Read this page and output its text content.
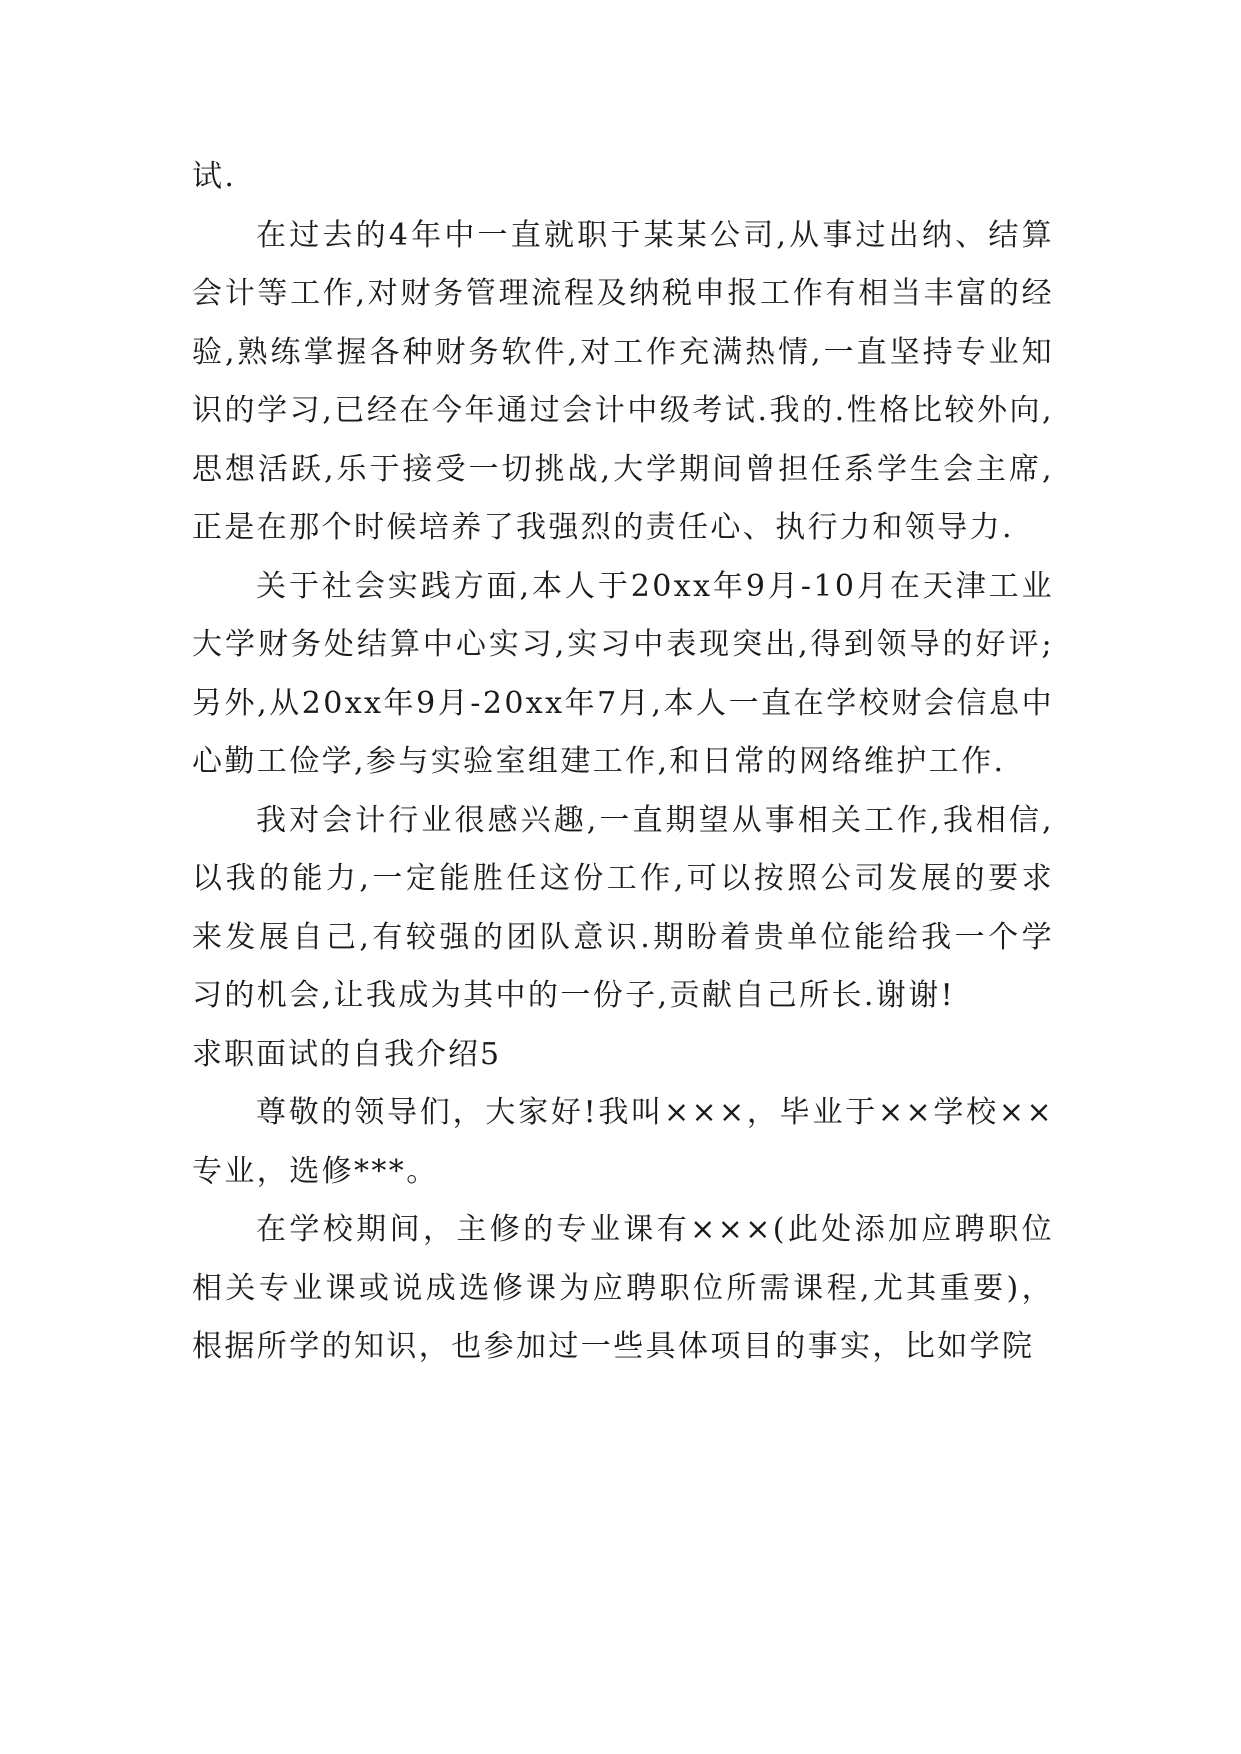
试.

在过去的4年中一直就职于某某公司,从事过出纳、结算会计等工作,对财务管理流程及纳税申报工作有相当丰富的经验,熟练掌握各种财务软件,对工作充满热情,一直坚持专业知识的学习,已经在今年通过会计中级考试.我的.性格比较外向,思想活跃,乐于接受一切挑战,大学期间曾担任系学生会主席,正是在那个时候培养了我强烈的责任心、执行力和领导力.

关于社会实践方面,本人于20xx年9月-10月在天津工业大学财务处结算中心实习,实习中表现突出,得到领导的好评;另外,从20xx年9月-20xx年7月,本人一直在学校财会信息中心勤工俭学,参与实验室组建工作,和日常的网络维护工作.

我对会计行业很感兴趣,一直期望从事相关工作,我相信,以我的能力,一定能胜任这份工作,可以按照公司发展的要求来发展自己,有较强的团队意识.期盼着贵单位能给我一个学习的机会,让我成为其中的一份子,贡献自己所长.谢谢!

求职面试的自我介绍5

尊敬的领导们，大家好!我叫×××，毕业于××学校××专业，选修***。

在学校期间，主修的专业课有×××(此处添加应聘职位相关专业课或说成选修课为应聘职位所需课程,尤其重要)，根据所学的知识，也参加过一些具体项目的事实，比如学院
